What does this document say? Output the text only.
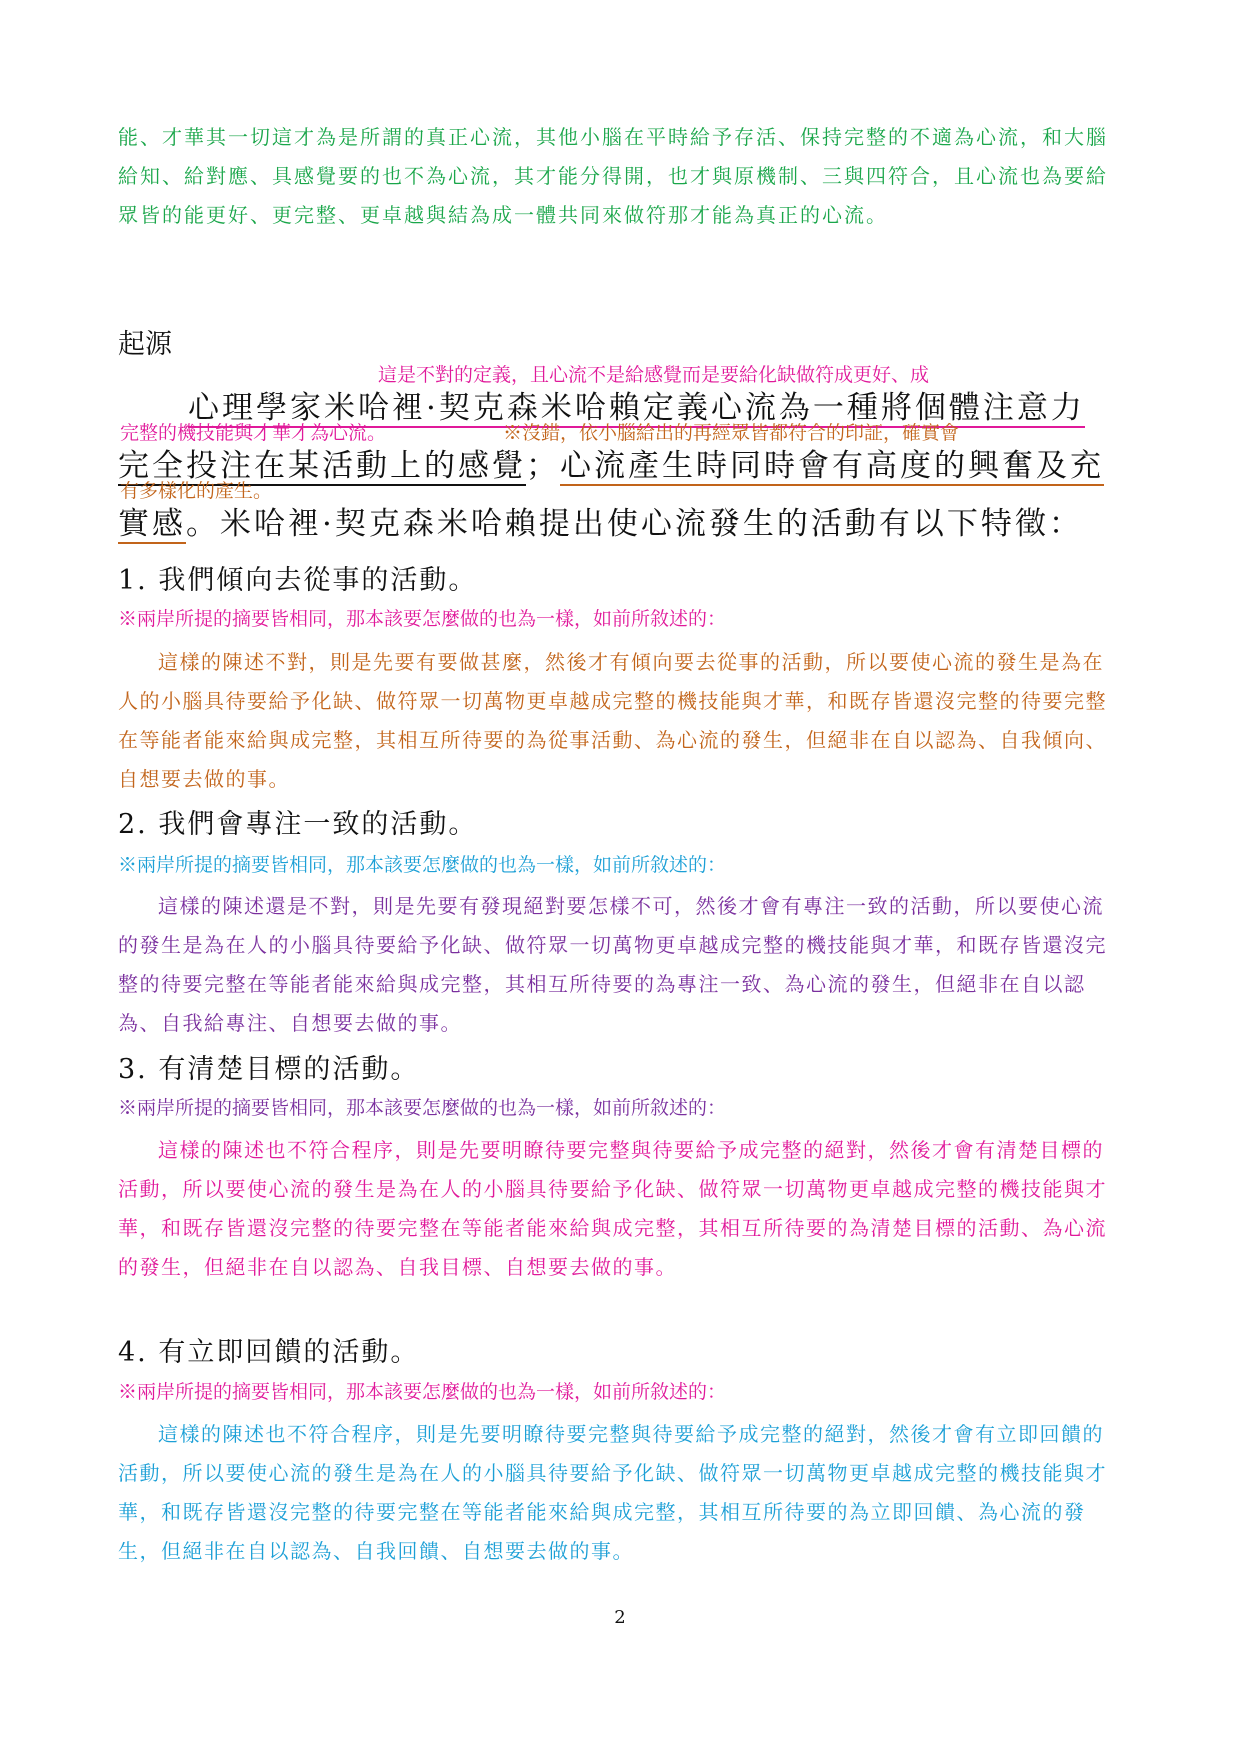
能、才華其一切這才為是所謂的真正心流，其他小腦在平時給予存活、保持完整的不適為心流，和大腦給知、給對應、具感覺要的也不為心流，其才能分得開，也才與原機制、三與四符合，且心流也為要給眾皆的能更好、更完整、更卓越與結為成一體共同來做符那才能為真正的心流。

起源

這是不對的定義，且心流不是給感覺而是要給化缺做符成更好、成

心理學家米哈裡·契克森米哈賴定義心流為一種將個體注意力

完整的機技能與才華才為心流。	※沒錯，依小腦給出的再經眾皆都符合的印証，確實會

完全投注在某活動上的感覺；心流產生時同時會有高度的興奮及充

有多樣化的產生。

實感。米哈裡·契克森米哈賴提出使心流發生的活動有以下特徵：

1. 我們傾向去從事的活動。

※兩岸所提的摘要皆相同，那本該要怎麼做的也為一樣，如前所敘述的：

這樣的陳述不對，則是先要有要做甚麼，然後才有傾向要去從事的活動，所以要使心流的發生是為在人的小腦具待要給予化缺、做符眾一切萬物更卓越成完整的機技能與才華，和既存皆還沒完整的待要完整在等能者能來給與成完整，其相互所待要的為從事活動、為心流的發生，但絕非在自以認為、自我傾向、自想要去做的事。

2. 我們會專注一致的活動。

※兩岸所提的摘要皆相同，那本該要怎麼做的也為一樣，如前所敘述的：

這樣的陳述還是不對，則是先要有發現絕對要怎樣不可，然後才會有專注一致的活動，所以要使心流的發生是為在人的小腦具待要給予化缺、做符眾一切萬物更卓越成完整的機技能與才華，和既存皆還沒完整的待要完整在等能者能來給與成完整，其相互所待要的為專注一致、為心流的發生，但絕非在自以認為、自我給專注、自想要去做的事。

3. 有清楚目標的活動。

※兩岸所提的摘要皆相同，那本該要怎麼做的也為一樣，如前所敘述的：

這樣的陳述也不符合程序，則是先要明瞭待要完整與待要給予成完整的絕對，然後才會有清楚目標的活動，所以要使心流的發生是為在人的小腦具待要給予化缺、做符眾一切萬物更卓越成完整的機技能與才華，和既存皆還沒完整的待要完整在等能者能來給與成完整，其相互所待要的為清楚目標的活動、為心流的發生，但絕非在自以認為、自我目標、自想要去做的事。

4. 有立即回饋的活動。

※兩岸所提的摘要皆相同，那本該要怎麼做的也為一樣，如前所敘述的：

這樣的陳述也不符合程序，則是先要明瞭待要完整與待要給予成完整的絕對，然後才會有立即回饋的活動，所以要使心流的發生是為在人的小腦具待要給予化缺、做符眾一切萬物更卓越成完整的機技能與才華，和既存皆還沒完整的待要完整在等能者能來給與成完整，其相互所待要的為立即回饋、為心流的發生，但絕非在自以認為、自我回饋、自想要去做的事。

2
